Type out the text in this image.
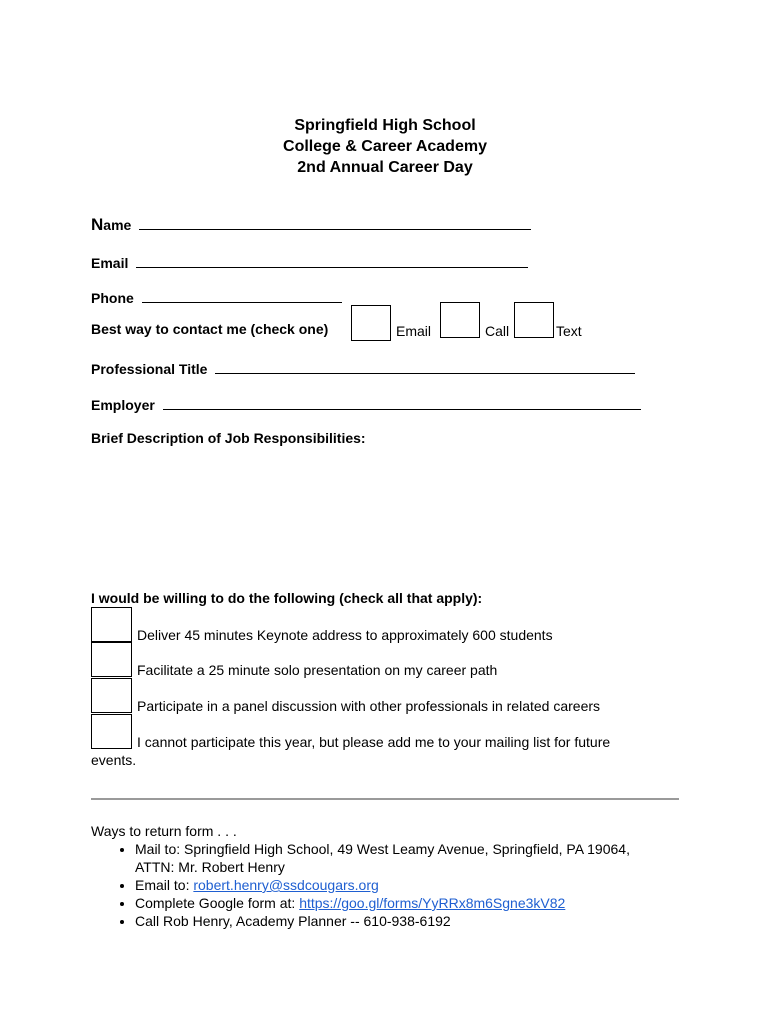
Springfield High School
College & Career Academy
2nd Annual Career Day
Name
Email
Phone
Best way to contact me (check one)	Email	Call	Text
Professional Title
Employer
Brief Description of Job Responsibilities:
I would be willing to do the following (check all that apply):
Deliver 45 minutes Keynote address to approximately 600 students
Facilitate a 25 minute solo presentation on my career path
Participate in a panel discussion with other professionals in related careers
I cannot participate this year, but please add me to your mailing list for future
events.
Ways to return form . . .
• Mail to: Springfield High School, 49 West Leamy Avenue, Springfield, PA 19064,
ATTN: Mr. Robert Henry
• Email to: robert.henry@ssdcougars.org
• Complete Google form at: https://goo.gl/forms/YyRRx8m6Sgne3kV82
• Call Rob Henry, Academy Planner -- 610-938-6192
